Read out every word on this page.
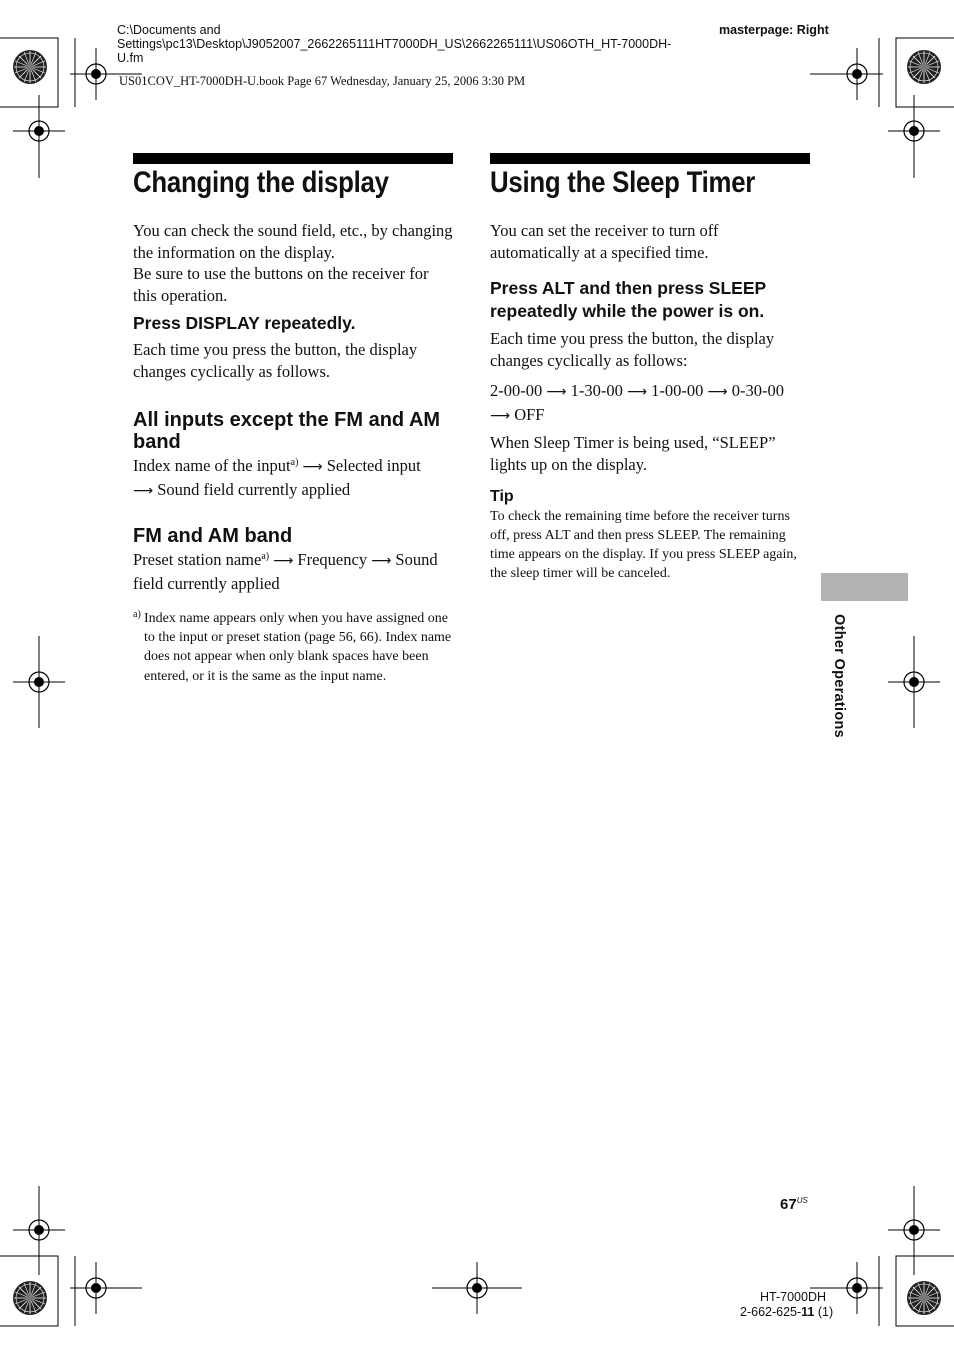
C:\Documents and Settings\pc13\Desktop\J9052007_2662265111HT7000DH_US\2662265111\US06OTH_HT-7000DH-U.fm
masterpage: Right
US01COV_HT-7000DH-U.book Page 67 Wednesday, January 25, 2006 3:30 PM
Changing the display
You can check the sound field, etc., by changing the information on the display.
Be sure to use the buttons on the receiver for this operation.
Press DISPLAY repeatedly.
Each time you press the button, the display changes cyclically as follows.
All inputs except the FM and AM band
Index name of the input$^{a)}$ ⟶ Selected input
⟶ Sound field currently applied
FM and AM band
Preset station name$^{a)}$ ⟶ Frequency ⟶ Sound field currently applied
a) Index name appears only when you have assigned one to the input or preset station (page 56, 66). Index name does not appear when only blank spaces have been entered, or it is the same as the input name.
Using the Sleep Timer
You can set the receiver to turn off automatically at a specified time.
Press ALT and then press SLEEP repeatedly while the power is on.
Each time you press the button, the display changes cyclically as follows:
2-00-00 ⟶ 1-30-00 ⟶ 1-00-00 ⟶ 0-30-00
⟶ OFF
When Sleep Timer is being used, “SLEEP” lights up on the display.
Tip
To check the remaining time before the receiver turns off, press ALT and then press SLEEP. The remaining time appears on the display. If you press SLEEP again, the sleep timer will be canceled.
Other Operations
$67^{US}$
HT-7000DH
2-662-625-11 (1)
